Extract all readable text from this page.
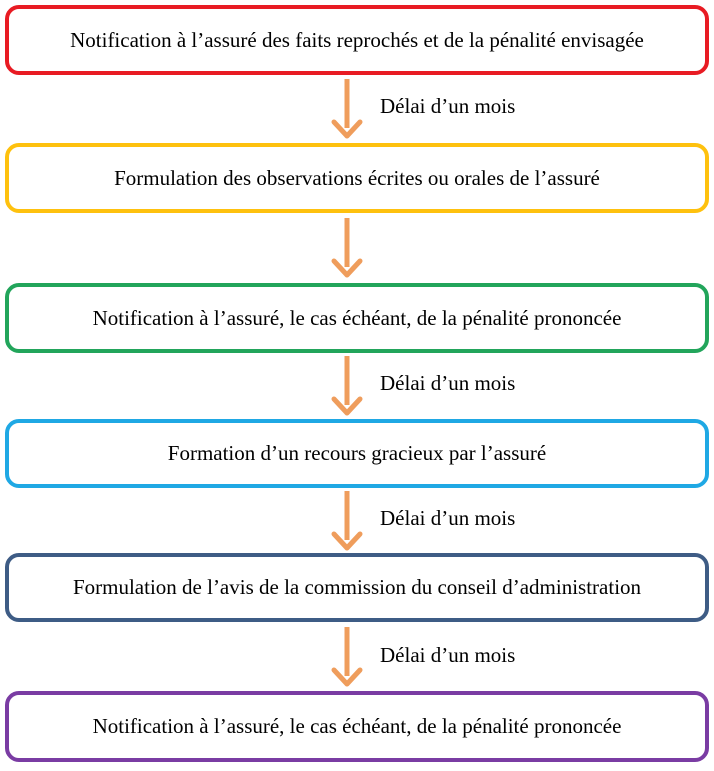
Notification à l’assuré des faits reprochés et de la pénalité envisagée
Délai d’un mois
Formulation des observations écrites ou orales de l’assuré
Notification à l’assuré, le cas échéant, de la pénalité prononcée
Délai d’un mois
Formation d’un recours gracieux par l’assuré
Délai d’un mois
Formulation de l’avis de la commission du conseil d’administration
Délai d’un mois
Notification à l’assuré, le cas échéant, de la pénalité prononcée
